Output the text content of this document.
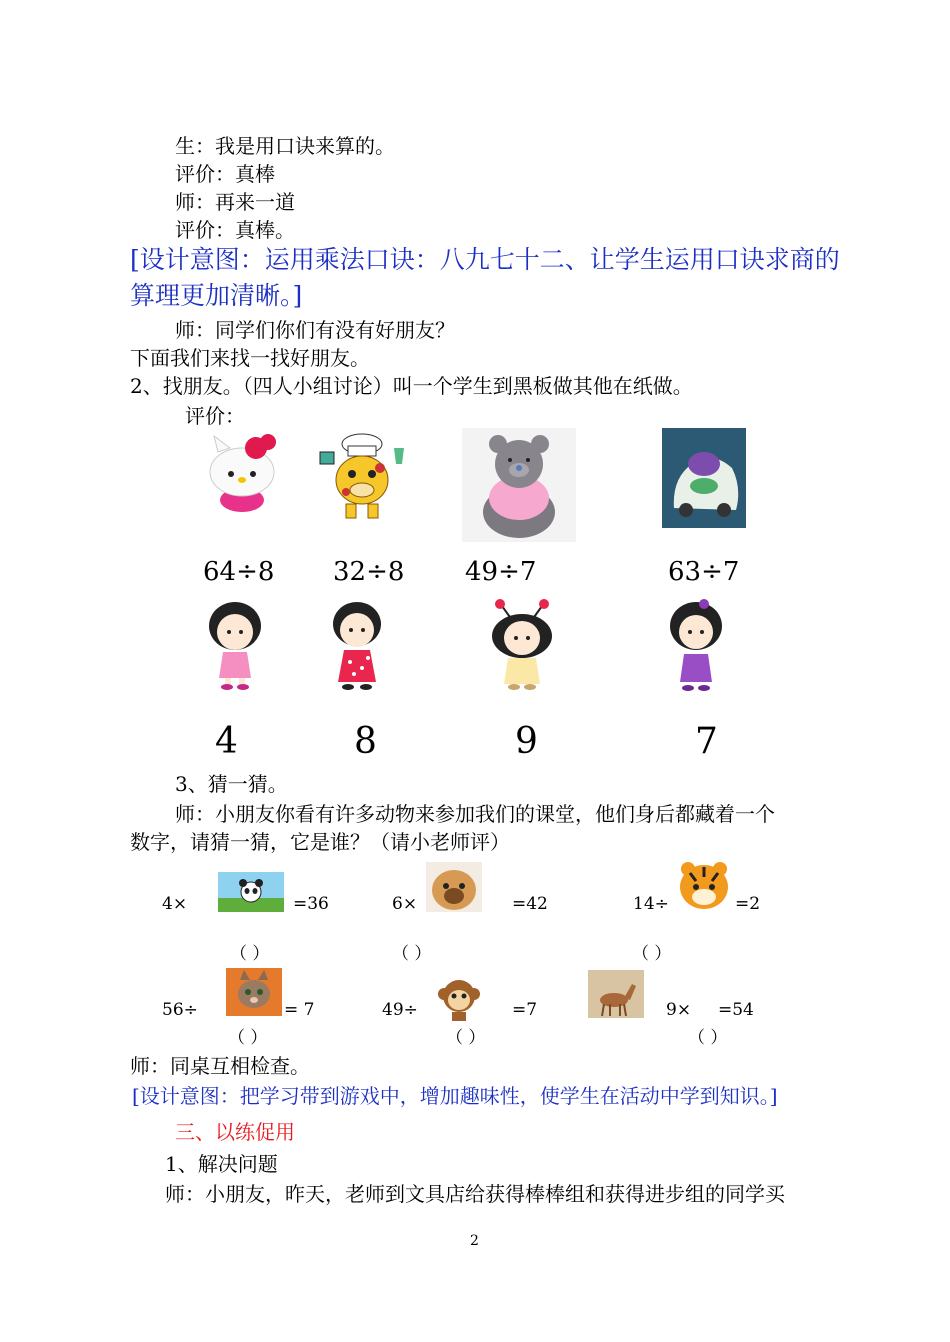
生：我是用口诀来算的。
评价：真棒
师：再来一道
评价：真棒。
[设计意图：运用乘法口诀：八九七十二、让学生运用口诀求商的
算理更加清晰。]
师：同学们你们有没有好朋友？
下面我们来找一找好朋友。
2、找朋友。（四人小组讨论）叫一个学生到黑板做其他在纸做。
评价：
64÷8 32÷8 49÷7	63÷7
4	8	9	7
3、猜一猜。
师：小朋友你看有许多动物来参加我们的课堂，他们身后都藏着一个
数字，请猜一猜，它是谁？（请小老师评）
4×	=36	6×	=42	14÷	=2
（ ）	（ ）	（ ）
56÷	= 7	49÷	=7	9× =54
（ ）	（ ）	（ ）
师：同桌互相检查。
[设计意图：把学习带到游戏中，增加趣味性，使学生在活动中学到知识。]
三、以练促用
1、解决问题
师：小朋友，昨天，老师到文具店给获得棒棒组和获得进步组的同学买
2
